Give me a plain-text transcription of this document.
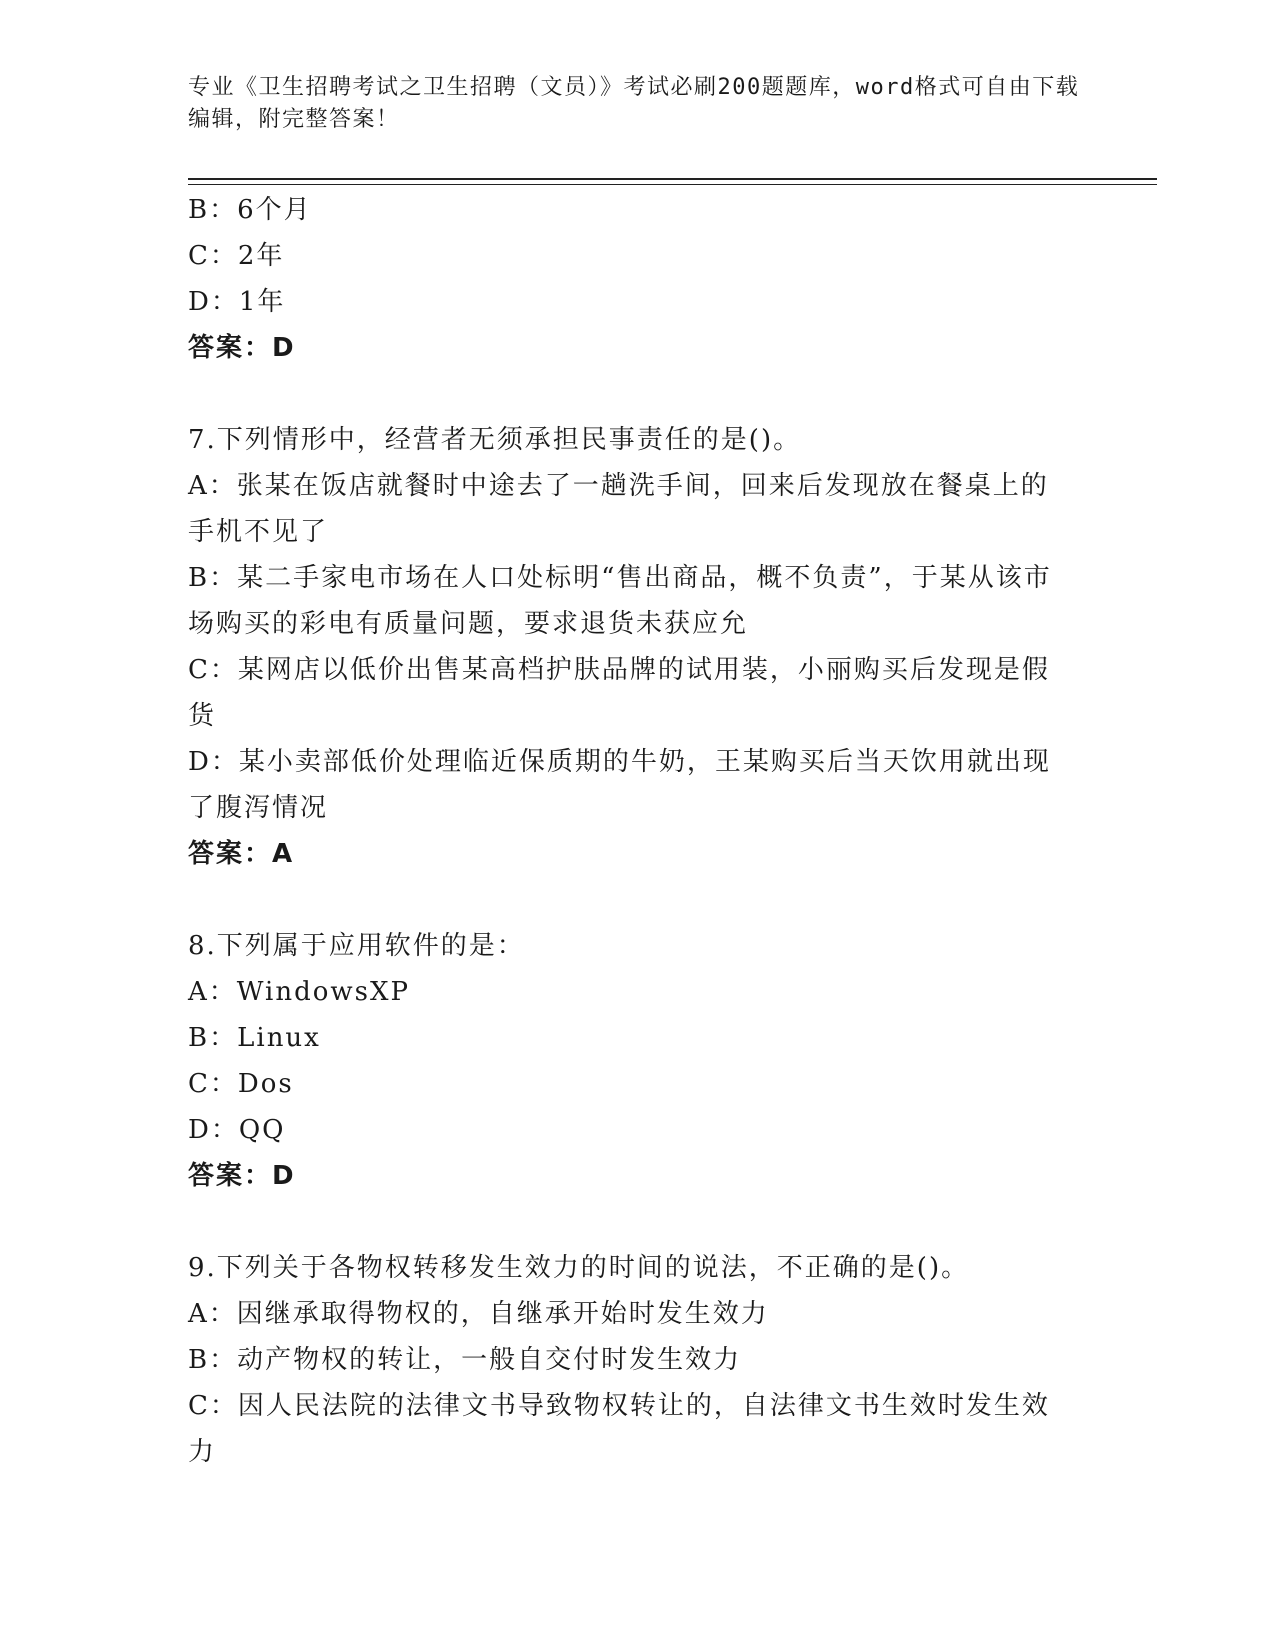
专业《卫生招聘考试之卫生招聘（文员）》考试必刷200题题库，word格式可自由下载编辑，附完整答案！

B：6个月

C：2年

D：1年

答案：D

7.下列情形中，经营者无须承担民事责任的是()。

A：张某在饭店就餐时中途去了一趟洗手间，回来后发现放在餐桌上的手机不见了

B：某二手家电市场在人口处标明“售出商品，概不负责”，于某从该市场购买的彩电有质量问题，要求退货未获应允

C：某网店以低价出售某高档护肤品牌的试用装，小丽购买后发现是假货

D：某小卖部低价处理临近保质期的牛奶，王某购买后当天饮用就出现了腹泻情况

答案：A

8.下列属于应用软件的是：

A：WindowsXP

B：Linux

C：Dos

D：QQ

答案：D

9.下列关于各物权转移发生效力的时间的说法，不正确的是()。

A：因继承取得物权的，自继承开始时发生效力

B：动产物权的转让，一般自交付时发生效力

C：因人民法院的法律文书导致物权转让的，自法律文书生效时发生效力
